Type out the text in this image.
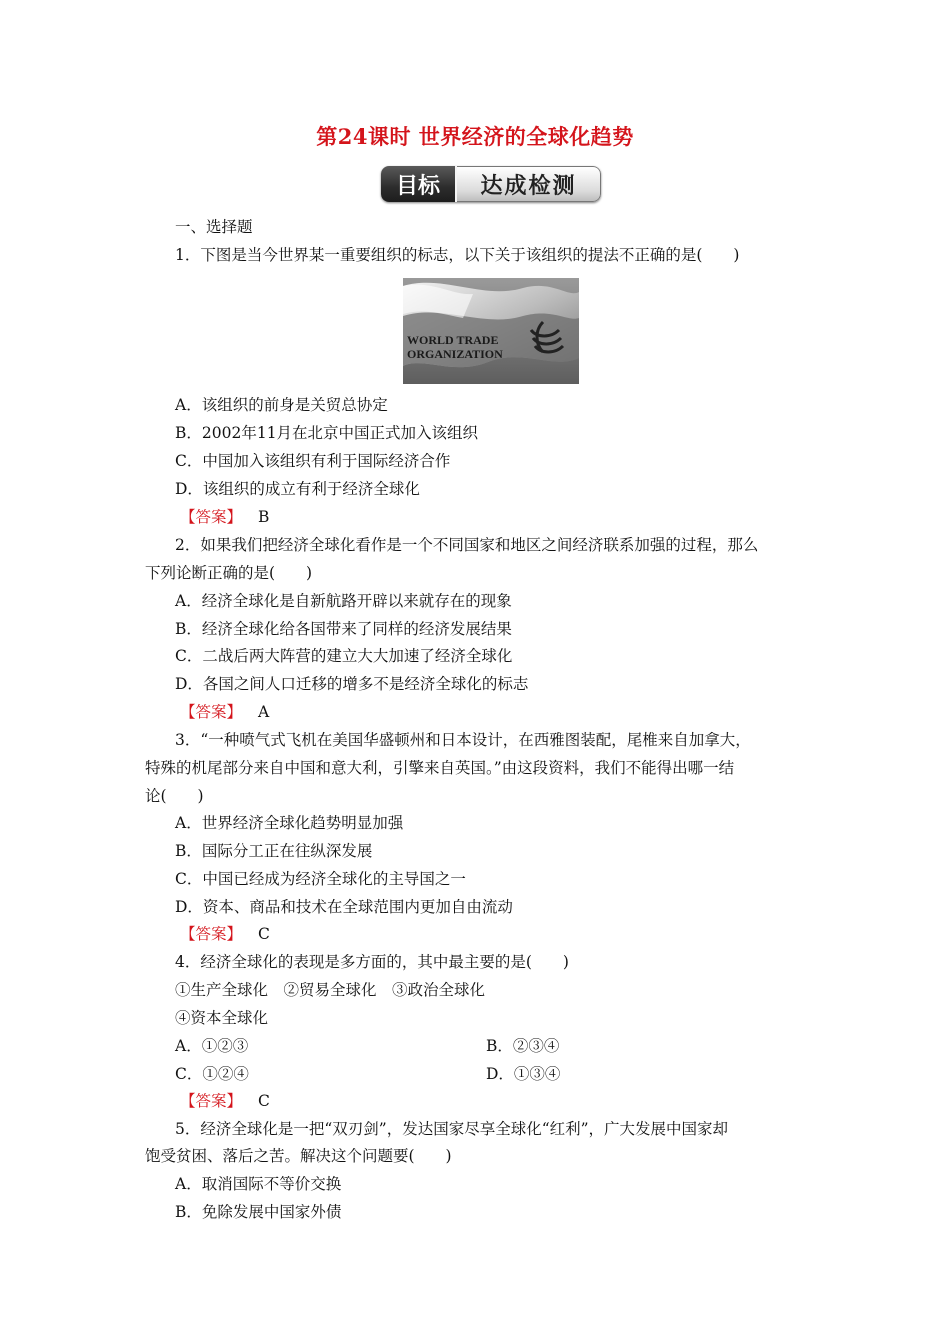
第24课时 世界经济的全球化趋势
目标	达成检测
一、选择题
1．下图是当今世界某一重要组织的标志，以下关于该组织的提法不正确的是(　　)
WORLD TRADE
ORGANIZATION
A．该组织的前身是关贸总协定
B．2002年11月在北京中国正式加入该组织
C．中国加入该组织有利于国际经济合作
D．该组织的成立有利于经济全球化
【答案】 B
2．如果我们把经济全球化看作是一个不同国家和地区之间经济联系加强的过程，那么
下列论断正确的是(　　)
A．经济全球化是自新航路开辟以来就存在的现象
B．经济全球化给各国带来了同样的经济发展结果
C．二战后两大阵营的建立大大加速了经济全球化
D．各国之间人口迁移的增多不是经济全球化的标志
【答案】 A
3．“一种喷气式飞机在美国华盛顿州和日本设计，在西雅图装配，尾椎来自加拿大，
特殊的机尾部分来自中国和意大利，引擎来自英国。”由这段资料，我们不能得出哪一结
论(　　)
A．世界经济全球化趋势明显加强
B．国际分工正在往纵深发展
C．中国已经成为经济全球化的主导国之一
D．资本、商品和技术在全球范围内更加自由流动
【答案】 C
4．经济全球化的表现是多方面的，其中最主要的是(　　)
①生产全球化　②贸易全球化　③政治全球化
④资本全球化
A．①②③	B．②③④
C．①②④	D．①③④
【答案】 C
5．经济全球化是一把“双刃剑”，发达国家尽享全球化“红利”，广大发展中国家却
饱受贫困、落后之苦。解决这个问题要(　　)
A．取消国际不等价交换
B．免除发展中国家外债
